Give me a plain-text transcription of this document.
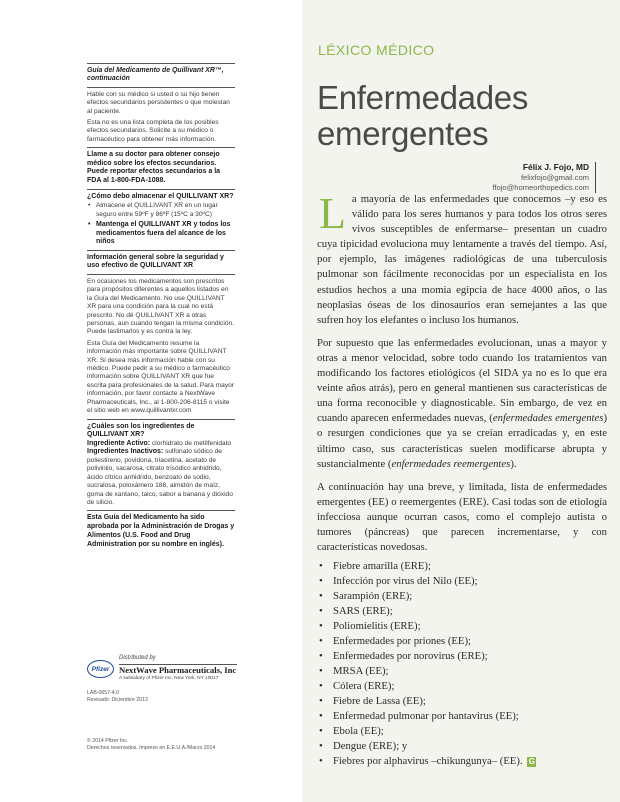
Guía del Medicamento de Quillivant XR™, continuación

Hable con su médico si usted o su hijo tienen efectos secundarios persistentes o que molestan al paciente.

Esta no es una lista completa de los posibles efectos secundarios. Solicite a su médico o farmacéutico para obtener más información.

Llame a su doctor para obtener consejo médico sobre los efectos secundarios. Puede reportar efectos secundarios a la FDA al 1-800-FDA-1088.
¿Cómo debo almacenar el QUILLIVANT XR?
• Almacene el QUILLIVANT XR en un lugar seguro entre 59ºF y 86ºF (15ºC a 30ºC)
• Mantenga el QUILLIVANT XR y todos los medicamentos fuera del alcance de los niños
Información general sobre la seguridad y uso efectivo de QUILLIVANT XR

En ocasiones los medicamentos son prescritos para propósitos diferentes a aquellos listados en la Guía del Medicamento. No use QUILLIVANT XR para una condición para la cual no está prescrito. No dé QUILLIVANT XR a otras personas, aun cuando tengan la misma condición. Puede lastimarlos y es contra la ley.

Esta Guía del Medicamento resume la información más importante sobre QUILLIVANT XR. Si desea más información hable con su médico. Puede pedir a su médico o farmacéutico información sobre QUILLIVANT XR que fue escrita para profesionales de la salud. Para mayor información, por favor contacte a NextWave Pharmaceuticals, Inc., al 1-800-206-8115 o visite el sitio web en www.quillivantxr.com

¿Cuáles son los ingredientes de QUILLIVANT XR?
Ingrediente Activo: clorhidrato de metilfenidato
Ingredientes Inactivos: sulfonato sódico de poliestireno, povidona, triacetina, acetato de polivinilo, sacarosa, citrato trisódico anhidrido, ácido cítrico anhidrido, benzoato de sodio, sucralosa, poloxámero 188, almidón de maíz, goma de xantano, talco, sabor a banana y dióxido de silicio.
Esta Guía del Medicamento ha sido aprobada por la Administración de Drogas y Alimentos (U.S. Food and Drug Administration por su nombre en inglés).
Distributed by
Pfizer	NextWave Pharmaceuticals, Inc
A subsidiary of Pfizer Inc, New York, NY 10017
LAB-0657-4.0
Revisado: Diciembre 2013
© 2014 Pfizer Inc.
Derechos reservados. Impreso en E.E.U.A./Marzo 2014
LÉXICO MÉDICO
Enfermedades emergentes
Félix J. Fojo, MD
felixfojo@gmail.com
ffojo@homeorthopedics.com

La mayoría de las enfermedades que conocemos –y eso es válido para los seres humanos y para todos los otros seres vivos susceptibles de enfermarse– presentan un cuadro cuya tipicidad evoluciona muy lentamente a través del tiempo. Así, por ejemplo, las imágenes radiológicas de una tuberculosis pulmonar son fácilmente reconocidas por un especialista en los estudios hechos a una momia egipcia de hace 4000 años, o las neoplasias óseas de los dinosaurios eran semejantes a las que sufren hoy los elefantes o incluso los humanos.

Por supuesto que las enfermedades evolucionan, unas a mayor y otras a menor velocidad, sobre todo cuando los tratamientos van modificando los factores etiológicos (el SIDA ya no es lo que era veinte años atrás), pero en general mantienen sus características de una forma reconocible y diagnosticable. Sin embargo, de vez en cuando aparecen enfermedades nuevas, (enfermedades emergentes) o resurgen condiciones que ya se creían erradicadas y, en este último caso, sus características suelen modificarse abrupta y sustancialmente (enfermedades reemergentes).

A continuación hay una breve, y limitada, lista de enfermedades emergentes (EE) o reemergentes (ERE). Casi todas son de etiología infecciosa aunque ocurran casos, como el complejo autista o tumores (páncreas) que parecen incrementarse, y con características novedosas.

• Fiebre amarilla (ERE);
• Infección por virus del Nilo (EE);
• Sarampión (ERE);
• SARS (ERE);
• Poliomielitis (ERE);
• Enfermedades por priones (EE);
• Enfermedades por norovirus (ERE);
• MRSA (EE);
• Cólera (ERE);
• Fiebre de Lassa (EE);
• Enfermedad pulmonar por hantavirus (EE);
• Ebola (EE);
• Dengue (ERE); y
• Fiebres por alphavirus –chikungunya– (EE). G
